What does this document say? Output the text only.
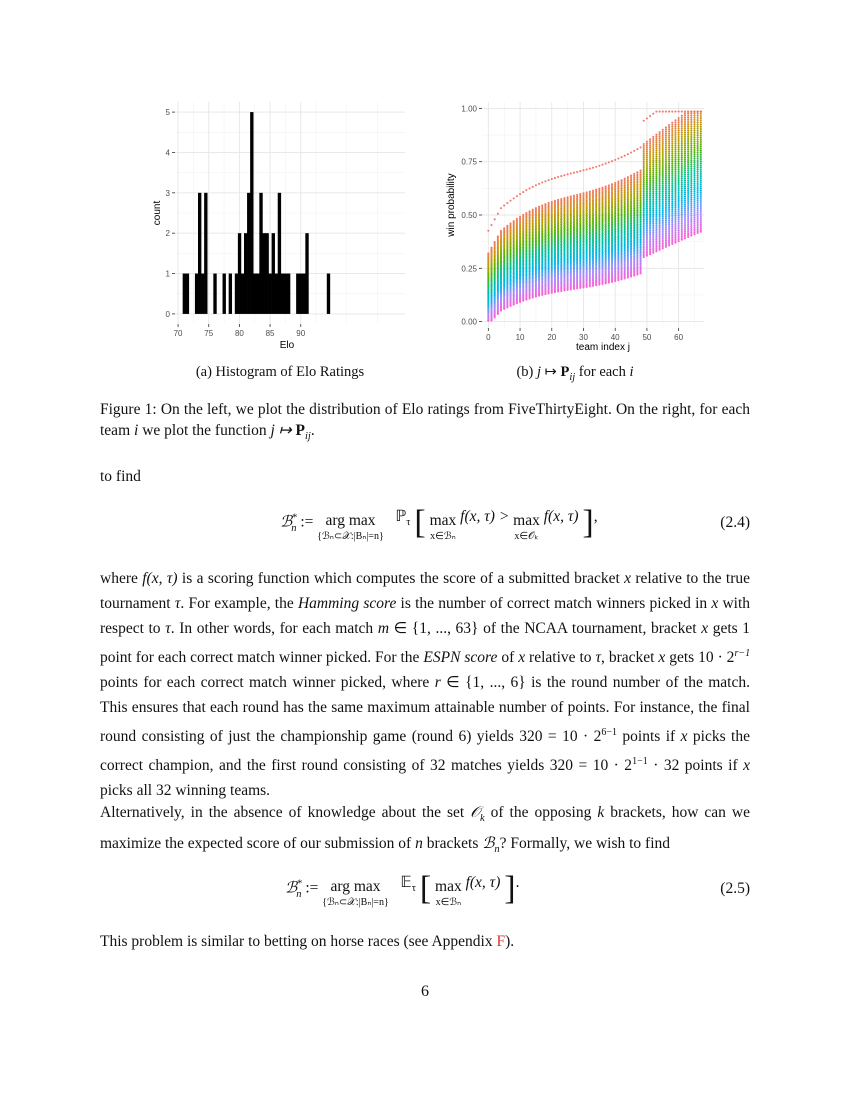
70	75	80	85	90
0
1
2
3
4
5
Elo
count
0	10	20	30	40	50	60
0.00
0.25
0.50
0.75
1.00
team index j
win probability
(a) Histogram of Elo Ratings	(b) j ↦ $P_{ij}$ for each i
Figure 1: On the left, we plot the distribution of Elo ratings from FiveThirtyEight. On the right, for each team i we plot the function j ↦ $P_{ij}$.
to find
ℬ*$_n$ := arg max
{ℬₙ⊂𝒳:|Bₙ|=n}   ℙ$_\tau$ [ max
x∈ℬₙ f(x, τ) > max
x∈𝒪ₖ f(x, τ) ],	(2.4)
where f(x, τ) is a scoring function which computes the score of a submitted bracket x relative to the true tournament τ. For example, the Hamming score is the number of correct match winners picked in x with respect to τ. In other words, for each match m ∈ {1, ..., 63} of the NCAA tournament, bracket x gets 1 point for each correct match winner picked. For the ESPN score of x relative to τ, bracket x gets $10 \cdot 2^{r-1}$ points for each correct match winner picked, where r ∈ {1, ..., 6} is the round number of the match. This ensures that each round has the same maximum attainable number of points. For instance, the final round consisting of just the championship game (round 6) yields $320 = 10 \cdot 2^{6-1}$ points if x picks the correct champion, and the first round consisting of 32 matches yields $320 = 10 \cdot 2^{1-1} \cdot 32$ points if x picks all 32 winning teams.
Alternatively, in the absence of knowledge about the set 𝒪$_k$ of the opposing k brackets, how can we maximize the expected score of our submission of n brackets ℬ$_n$? Formally, we wish to find
ℬ*$_n$ := arg max
{ℬₙ⊂𝒳:|Bₙ|=n}   𝔼$_\tau$ [ max
x∈ℬₙ f(x, τ) ].	(2.5)
This problem is similar to betting on horse races (see Appendix F).
6
